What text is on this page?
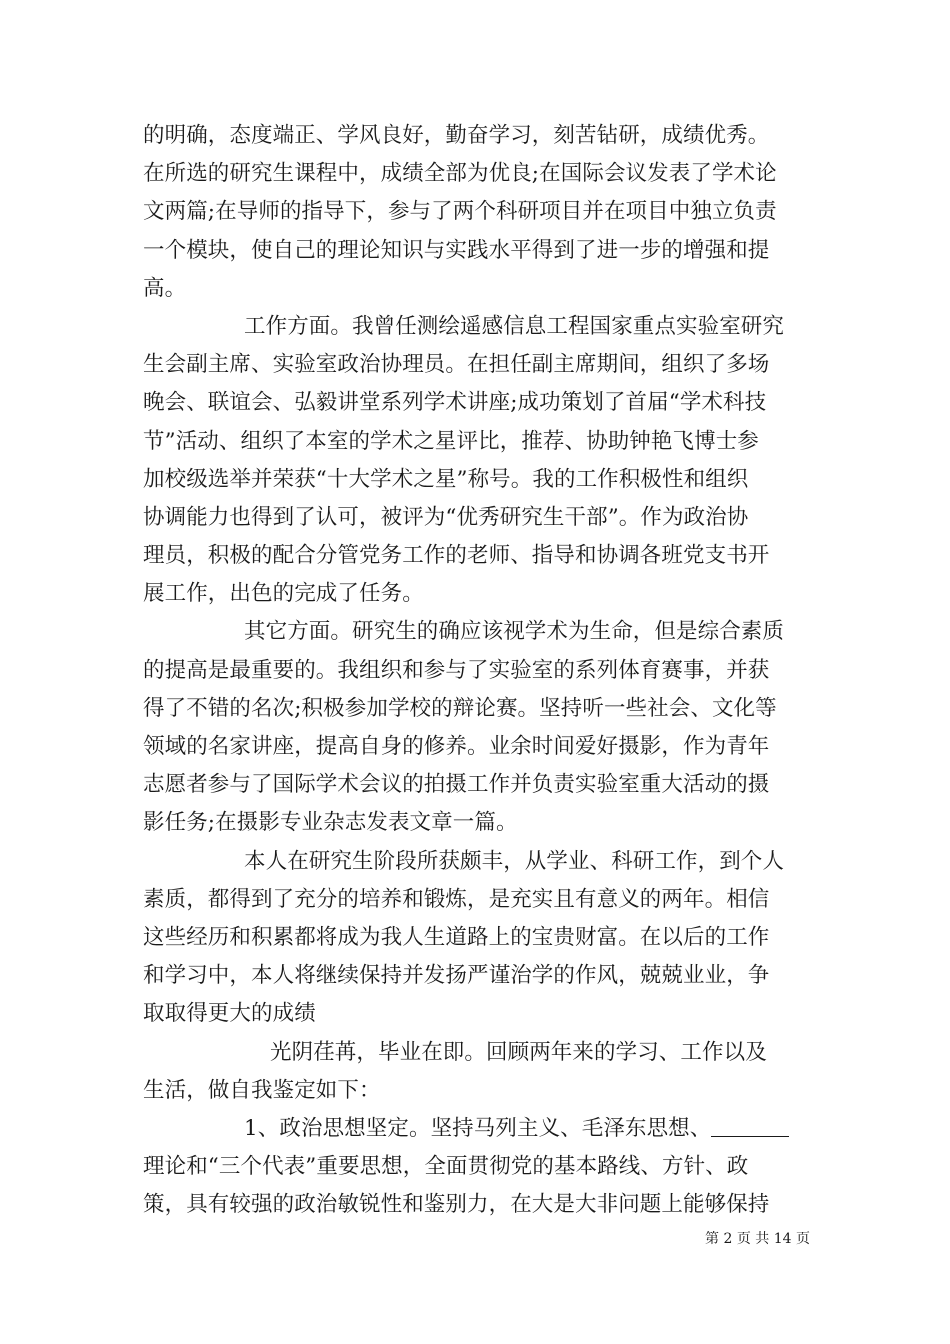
的明确，态度端正、学风良好，勤奋学习，刻苦钻研，成绩优秀。
在所选的研究生课程中，成绩全部为优良;在国际会议发表了学术论
文两篇;在导师的指导下，参与了两个科研项目并在项目中独立负责
一个模块，使自己的理论知识与实践水平得到了进一步的增强和提
高。
工作方面。我曾任测绘遥感信息工程国家重点实验室研究
生会副主席、实验室政治协理员。在担任副主席期间，组织了多场
晚会、联谊会、弘毅讲堂系列学术讲座;成功策划了首届“学术科技
节”活动、组织了本室的学术之星评比，推荐、协助钟艳飞博士参
加校级选举并荣获“十大学术之星”称号。我的工作积极性和组织
协调能力也得到了认可，被评为“优秀研究生干部”。作为政治协
理员，积极的配合分管党务工作的老师、指导和协调各班党支书开
展工作，出色的完成了任务。
其它方面。研究生的确应该视学术为生命，但是综合素质
的提高是最重要的。我组织和参与了实验室的系列体育赛事，并获
得了不错的名次;积极参加学校的辩论赛。坚持听一些社会、文化等
领域的名家讲座，提高自身的修养。业余时间爱好摄影，作为青年
志愿者参与了国际学术会议的拍摄工作并负责实验室重大活动的摄
影任务;在摄影专业杂志发表文章一篇。
本人在研究生阶段所获颇丰，从学业、科研工作，到个人
素质，都得到了充分的培养和锻炼，是充实且有意义的两年。相信
这些经历和积累都将成为我人生道路上的宝贵财富。在以后的工作
和学习中，本人将继续保持并发扬严谨治学的作风，兢兢业业，争
取取得更大的成绩
光阴荏苒，毕业在即。回顾两年来的学习、工作以及
生活，做自我鉴定如下：
1、政治思想坚定。坚持马列主义、毛泽东思想、
理论和“三个代表”重要思想，全面贯彻党的基本路线、方针、政
策，具有较强的政治敏锐性和鉴别力，在大是大非问题上能够保持
第 2 页 共 14 页
